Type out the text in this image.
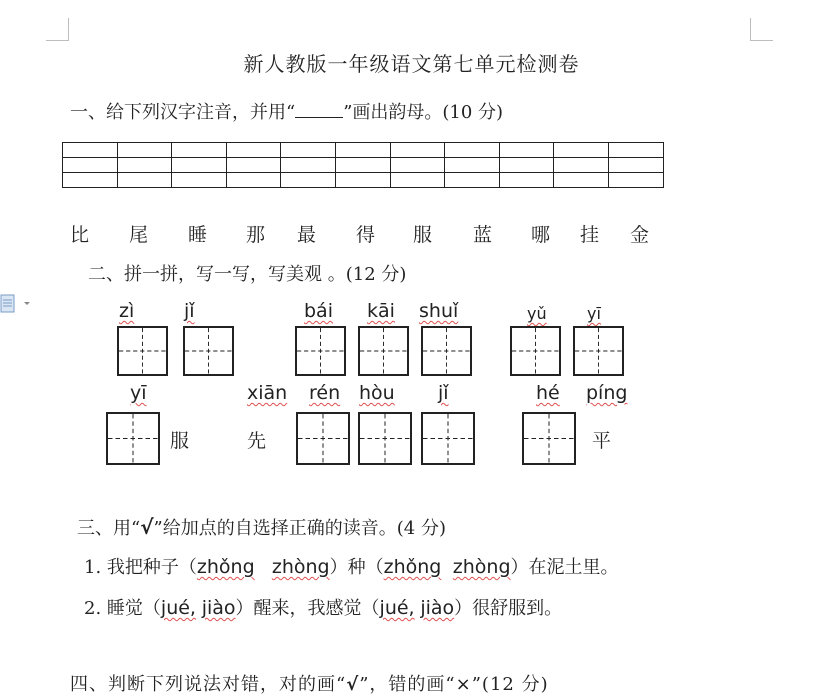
新人教版一年级语文第七单元检测卷
一、给下列汉字注音，并用“	”画出韵母。(10 分)

比 尾 睡 那 最 得 服 蓝 哪 挂 金
二、拼一拼，写一写，写美观 。(12 分)
zì	jǐ	bái kāi shuǐ	yǔ	yī
yī	xiān rén hòu jǐ	hé píng
服	先	平
三、用“√”给加点的自选择正确的读音。(4 分)
1. 我把种子（zhǒng zhòng）种（zhǒng zhòng）在泥土里。
2. 睡觉（jué, jiào）醒来，我感觉（jué, jiào）很舒服到。
四、判断下列说法对错，对的画“√”，错的画“×”(12 分)
